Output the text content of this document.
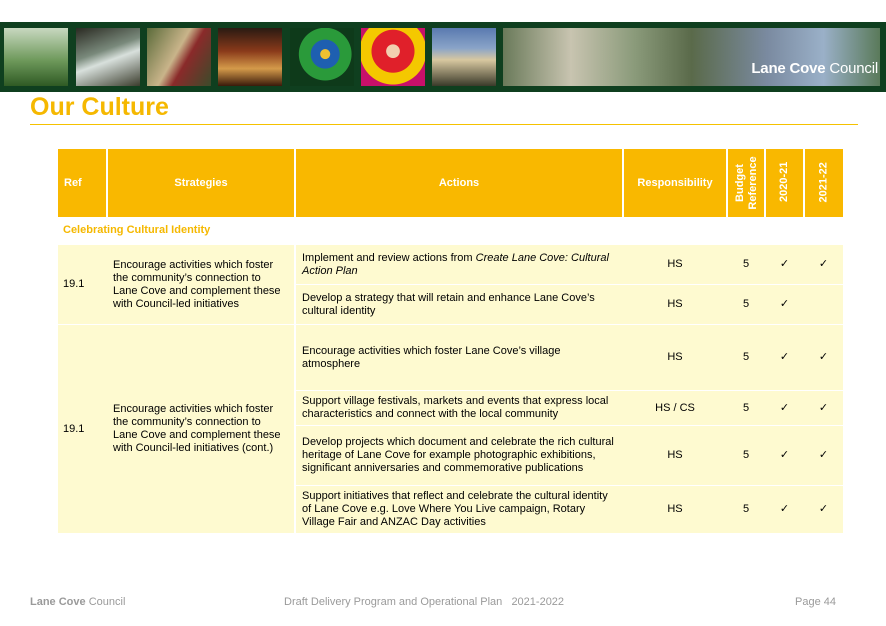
Lane Cove Council
Our Culture
Ref	Strategies	Actions	Responsibility	Budget Reference	2020-21	2021-22

Celebrating Cultural Identity						
19.1	Encourage activities which foster the community’s connection to Lane Cove and complement these with Council-led initiatives	Implement and review actions from Create Lane Cove: Cultural Action Plan	HS	5	✓	✓
		Develop a strategy that will retain and enhance Lane Cove’s cultural identity	HS	5	✓	
19.1	Encourage activities which foster the community’s connection to Lane Cove and complement these with Council-led initiatives (cont.)	Encourage activities which foster Lane Cove’s village atmosphere	HS	5	✓	✓
		Support village festivals, markets and events that express local characteristics and connect with the local community	HS / CS	5	✓	✓
		Develop projects which document and celebrate the rich cultural heritage of Lane Cove for example photographic exhibitions, significant anniversaries and commemorative publications	HS	5	✓	✓
		Support initiatives that reflect and celebrate the cultural identity of Lane Cove e.g. Love Where You Live campaign, Rotary Village Fair and ANZAC Day activities	HS	5	✓	✓
Lane Cove Council	Draft Delivery Program and Operational Plan 2021-2022	Page 44
